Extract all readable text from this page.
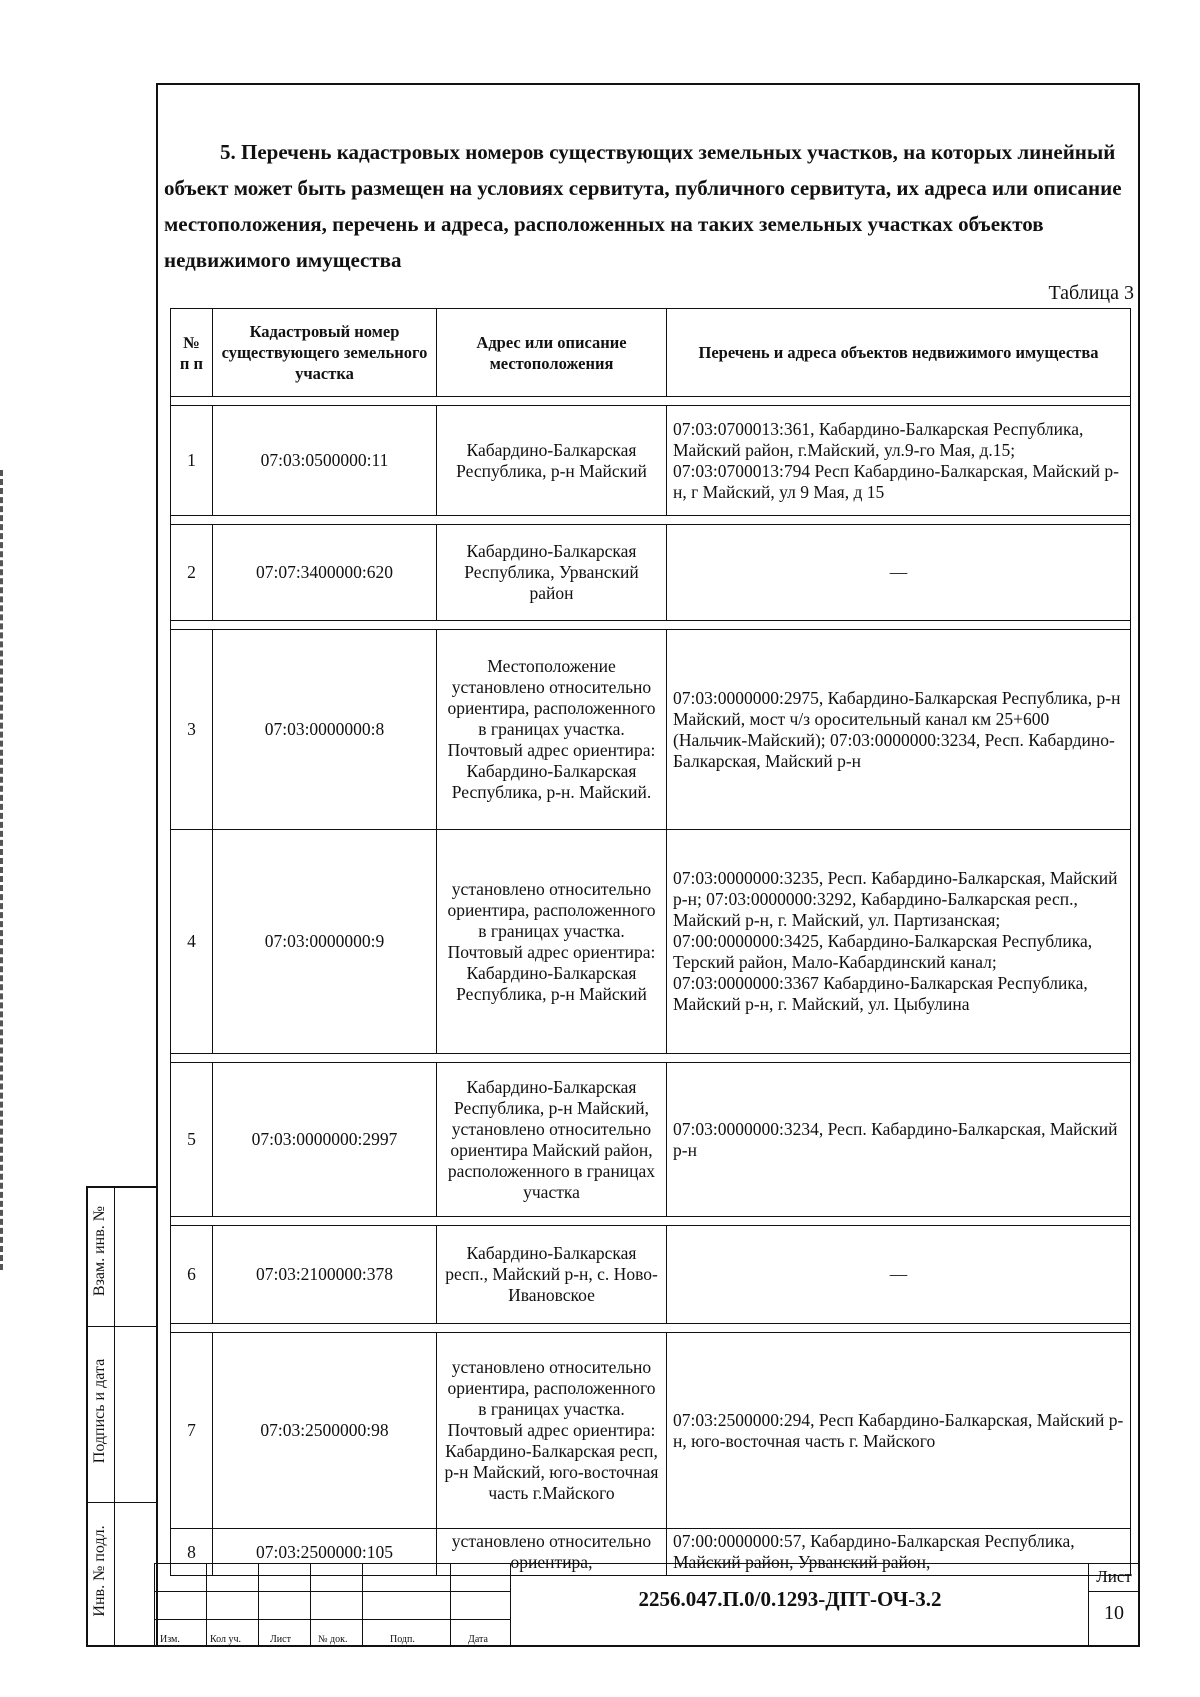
5. Перечень кадастровых номеров существующих земельных участков, на которых линейный объект может быть размещен на условиях сервитута, публичного сервитута, их адреса или описание местоположения, перечень и адреса, расположенных на таких земельных участках объектов недвижимого имущества
Таблица 3
№ п п	Кадастровый номер существующего земельного участка	Адрес или описание местоположения	Перечень и адреса объектов недвижимого имущества

1	07:03:0500000:11	Кабардино-Балкарская Республика, р-н Майский	07:03:0700013:361, Кабардино-Балкарская Республика, Майский район, г.Майский, ул.9-го Мая, д.15; 07:03:0700013:794 Респ Кабардино-Балкарская, Майский р-н, г Майский, ул 9 Мая, д 15

2	07:07:3400000:620	Кабардино-Балкарская Республика, Урванский район	—

3	07:03:0000000:8	Местоположение установлено относительно ориентира, расположенного в границах участка. Почтовый адрес ориентира: Кабардино-Балкарская Республика, р-н. Майский.	07:03:0000000:2975, Кабардино-Балкарская Республика, р-н Майский, мост ч/з оросительный канал км 25+600 (Нальчик-Майский); 07:03:0000000:3234, Респ. Кабардино-Балкарская, Майский р-н
4	07:03:0000000:9	установлено относительно ориентира, расположенного в границах участка. Почтовый адрес ориентира: Кабардино-Балкарская Республика, р-н Майский	07:03:0000000:3235, Респ. Кабардино-Балкарская, Майский р-н; 07:03:0000000:3292, Кабардино-Балкарская респ., Майский р-н, г. Майский, ул. Партизанская; 07:00:0000000:3425, Кабардино-Балкарская Республика, Терский район, Мало-Кабардинский канал; 07:03:0000000:3367 Кабардино-Балкарская Республика, Майский р-н, г. Майский, ул. Цыбулина

5	07:03:0000000:2997	Кабардино-Балкарская Республика, р-н Майский, установлено относительно ориентира Майский район, расположенного в границах участка	07:03:0000000:3234, Респ. Кабардино-Балкарская, Майский р-н

6	07:03:2100000:378	Кабардино-Балкарская респ., Майский р-н, с. Ново-Ивановское	—

7	07:03:2500000:98	установлено относительно ориентира, расположенного в границах участка. Почтовый адрес ориентира: Кабардино-Балкарская респ, р-н Майский, юго-восточная часть г.Майского	07:03:2500000:294, Респ Кабардино-Балкарская, Майский р-н, юго-восточная часть г. Майского
8	07:03:2500000:105	установлено относительно ориентира,	07:00:0000000:57, Кабардино-Балкарская Республика, Майский район, Урванский район,
Взам. инв. №
Подпись и дата
Инв. № подл.
Изм.	Кол уч.	Лист	№ док.	Подп.	Дата
2256.047.П.0/0.1293-ДПТ-ОЧ-3.2
Лист
10
